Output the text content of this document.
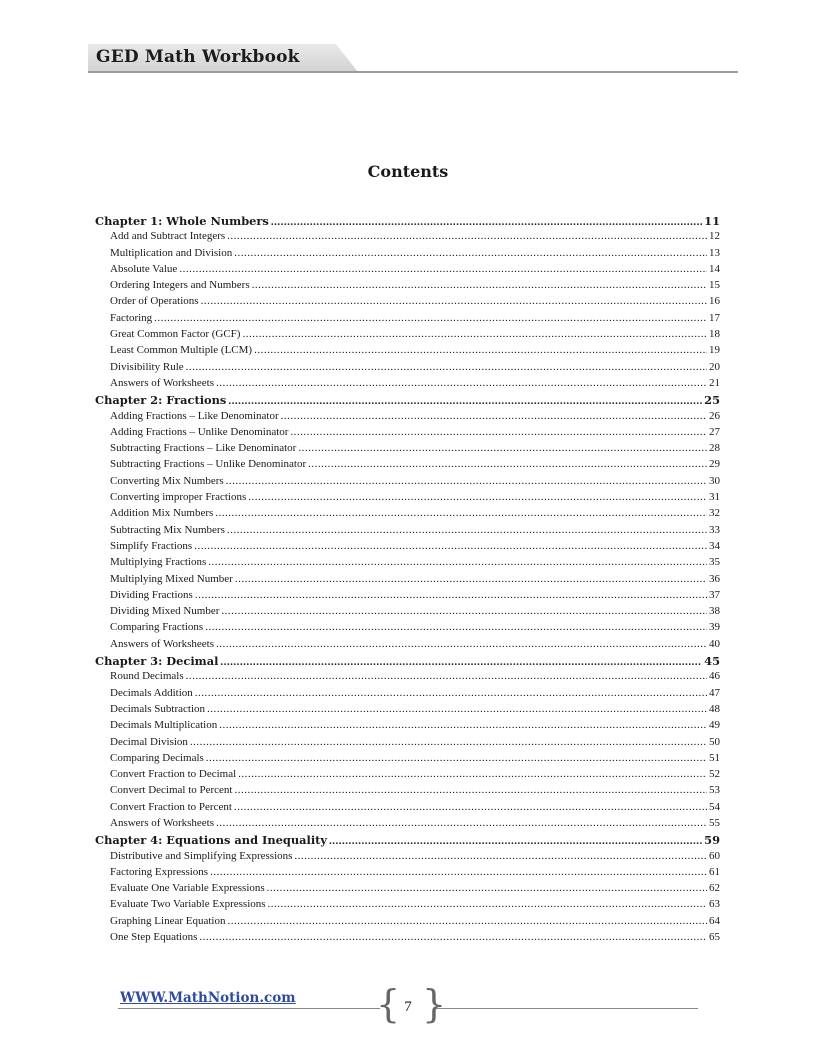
GED Math Workbook
Contents
Chapter 1: Whole Numbers .....	11
Add and Subtract Integers .....	12
Multiplication and Division .....	13
Absolute Value .....	14
Ordering Integers and Numbers .....	15
Order of Operations .....	16
Factoring .....	17
Great Common Factor (GCF) .....	18
Least Common Multiple (LCM) .....	19
Divisibility Rule .....	20
Answers of Worksheets .....	21
Chapter 2: Fractions .....	25
Adding Fractions – Like Denominator .....	26
Adding Fractions – Unlike Denominator .....	27
Subtracting Fractions – Like Denominator .....	28
Subtracting Fractions – Unlike Denominator .....	29
Converting Mix Numbers .....	30
Converting improper Fractions .....	31
Addition Mix Numbers .....	32
Subtracting Mix Numbers .....	33
Simplify Fractions .....	34
Multiplying Fractions .....	35
Multiplying Mixed Number .....	36
Dividing Fractions .....	37
Dividing Mixed Number .....	38
Comparing Fractions .....	39
Answers of Worksheets .....	40
Chapter 3: Decimal .....	45
Round Decimals .....	46
Decimals Addition .....	47
Decimals Subtraction .....	48
Decimals Multiplication .....	49
Decimal Division .....	50
Comparing Decimals .....	51
Convert Fraction to Decimal .....	52
Convert Decimal to Percent .....	53
Convert Fraction to Percent .....	54
Answers of Worksheets .....	55
Chapter 4: Equations and Inequality .....	59
Distributive and Simplifying Expressions .....	60
Factoring Expressions .....	61
Evaluate One Variable Expressions .....	62
Evaluate Two Variable Expressions .....	63
Graphing Linear Equation .....	64
One Step Equations .....	65
WWW.MathNotion.com { }
7
